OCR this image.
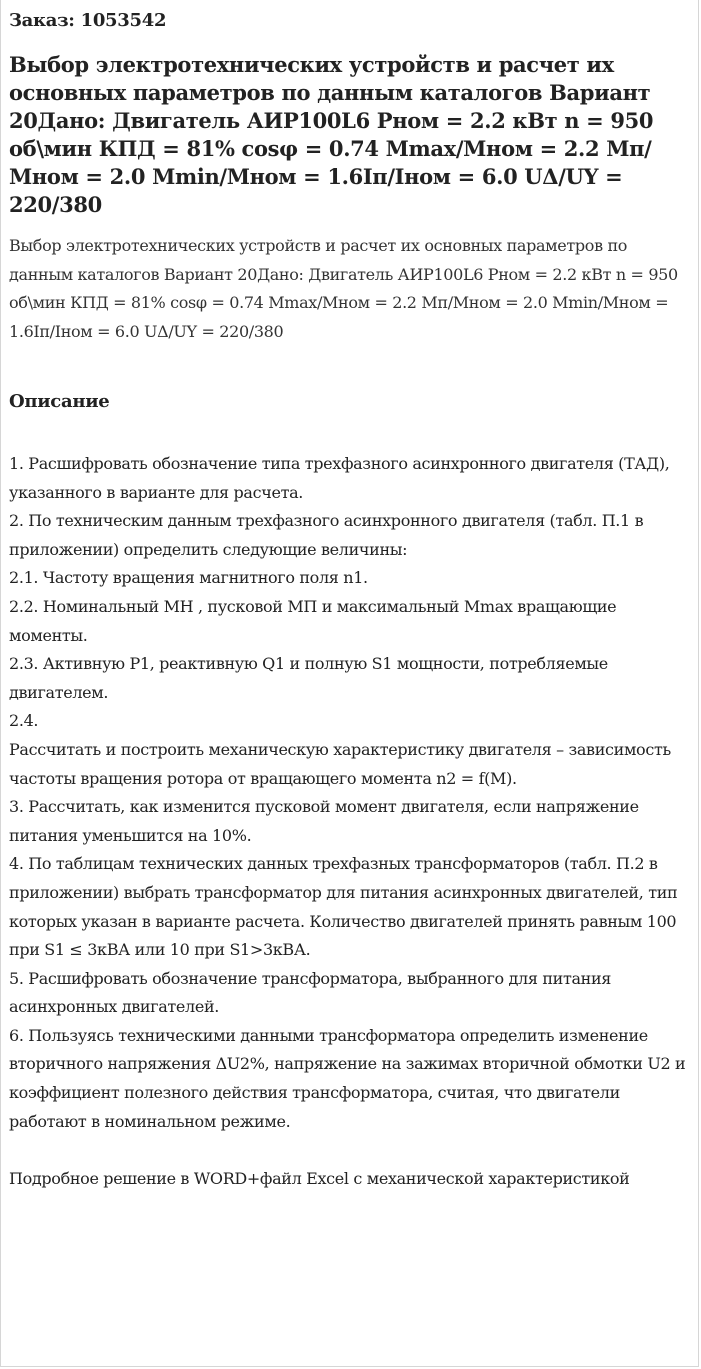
Заказ: 1053542
Выбор электротехнических устройств и расчет их основных параметров по данным каталогов Вариант 20Дано: Двигатель АИР100L6 Рном = 2.2 кВт n = 950 об\мин КПД = 81% cosφ = 0.74 Mmax/Мном = 2.2 Мп/Мном = 2.0 Mmin/Мном = 1.6Iп/Iном = 6.0 UΔ/UY = 220/380

Выбор электротехнических устройств и расчет их основных параметров по данным каталогов Вариант 20Дано: Двигатель АИР100L6 Рном = 2.2 кВт n = 950 об\мин КПД = 81% cosφ = 0.74 Mmax/Мном = 2.2 Мп/Мном = 2.0 Mmin/Мном = 1.6Iп/Iном = 6.0 UΔ/UY = 220/380

Описание
1. Расшифровать обозначение типа трехфазного асинхронного двигателя (ТАД), указанного в варианте для расчета.
2. По техническим данным трехфазного асинхронного двигателя (табл. П.1 в приложении) определить следующие величины:
2.1. Частоту вращения магнитного поля n1.
2.2. Номинальный МН , пусковой МП и максимальный Mmax вращающие моменты.
2.3. Активную P1, реактивную Q1 и полную S1 мощности, потребляемые двигателем.
2.4.
Рассчитать и построить механическую характеристику двигателя – зависимость частоты вращения ротора от вращающего момента n2 = f(M).
3. Рассчитать, как изменится пусковой момент двигателя, если напряжение питания уменьшится на 10%.
4. По таблицам технических данных трехфазных трансформаторов (табл. П.2 в приложении) выбрать трансформатор для питания асинхронных двигателей, тип которых указан в варианте расчета. Количество двигателей принять равным 100 при S1 ≤ 3кВА или 10 при S1>3кВА.
5. Расшифровать обозначение трансформатора, выбранного для питания асинхронных двигателей.
6. Пользуясь техническими данными трансформатора определить изменение вторичного напряжения ΔU2%, напряжение на зажимах вторичной обмотки U2 и коэффициент полезного действия трансформатора, считая, что двигатели работают в номинальном режиме.
Подробное решение в WORD+файл Excel с механической характеристикой
